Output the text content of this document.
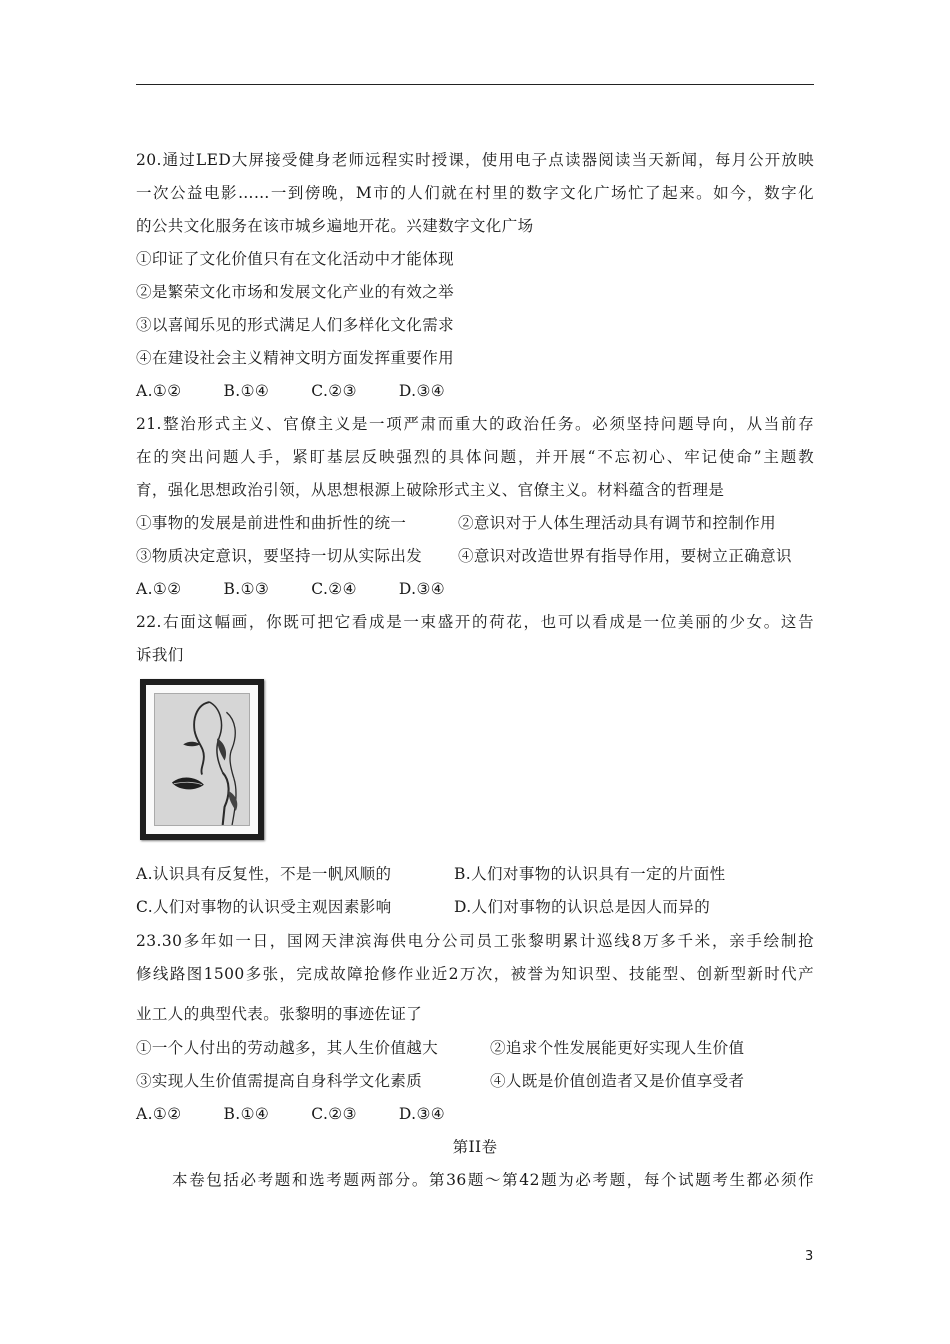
20.通过LED大屏接受健身老师远程实时授课，使用电子点读器阅读当天新闻，每月公开放映
一次公益电影……一到傍晚，M市的人们就在村里的数字文化广场忙了起来。如今，数字化
的公共文化服务在该市城乡遍地开花。兴建数字文化广场
①印证了文化价值只有在文化活动中才能体现
②是繁荣文化市场和发展文化产业的有效之举
③以喜闻乐见的形式满足人们多样化文化需求
④在建设社会主义精神文明方面发挥重要作用
A.①②	B.①④	C.②③	D.③④
21.整治形式主义、官僚主义是一项严肃而重大的政治任务。必须坚持问题导向，从当前存
在的突出问题人手，紧盯基层反映强烈的具体问题，并开展“不忘初心、牢记使命”主题教
育，强化思想政治引领，从思想根源上破除形式主义、官僚主义。材料蕴含的哲理是
①事物的发展是前进性和曲折性的统一	②意识对于人体生理活动具有调节和控制作用
③物质决定意识，要坚持一切从实际出发 ④意识对改造世界有指导作用，要树立正确意识
A.①②	B.①③	C.②④	D.③④
22.右面这幅画，你既可把它看成是一束盛开的荷花，也可以看成是一位美丽的少女。这告
诉我们
A.认识具有反复性，不是一帆风顺的	B.人们对事物的认识具有一定的片面性
C.人们对事物的认识受主观因素影响	D.人们对事物的认识总是因人而异的
23.30多年如一日，国网天津滨海供电分公司员工张黎明累计巡线8万多千米，亲手绘制抢
修线路图1500多张，完成故障抢修作业近2万次，被誉为知识型、技能型、创新型新时代产
业工人的典型代表。张黎明的事迹佐证了
①一个人付出的劳动越多，其人生价值越大	②追求个性发展能更好实现人生价值
③实现人生价值需提高自身科学文化素质	④人既是价值创造者又是价值享受者
A.①②	B.①④	C.②③	D.③④
第II卷
本卷包括必考题和选考题两部分。第36题～第42题为必考题，每个试题考生都必须作
3
